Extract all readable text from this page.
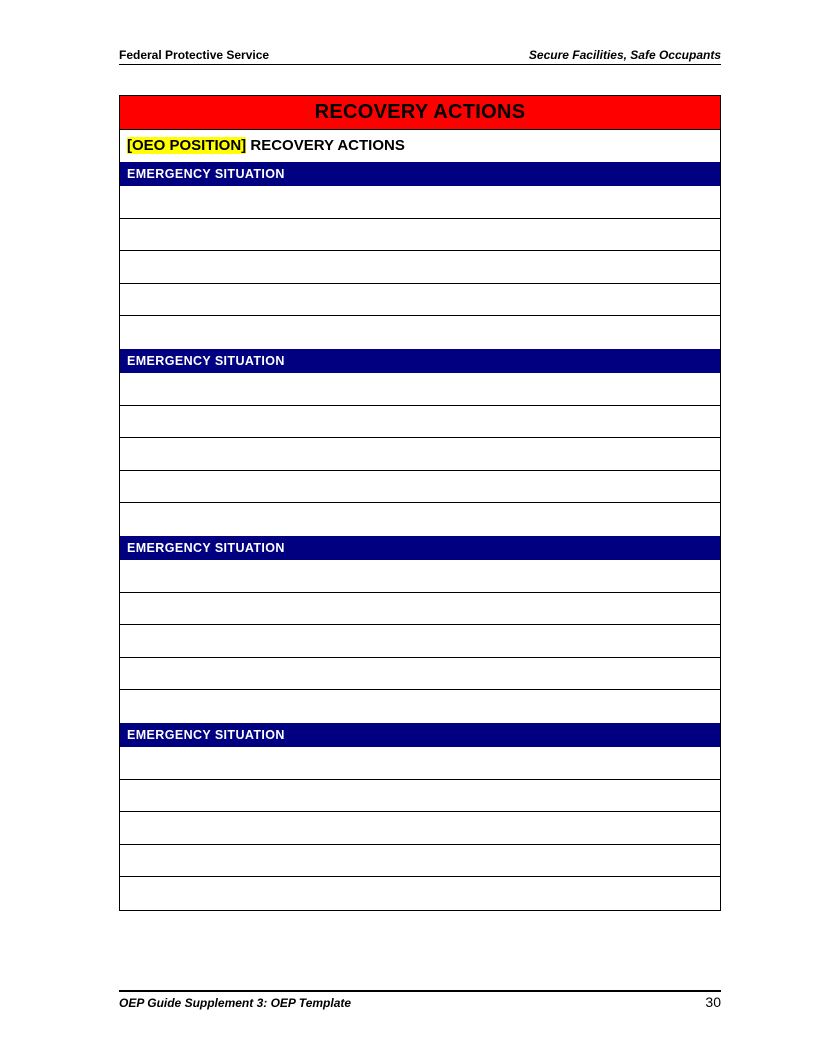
Federal Protective Service	Secure Facilities, Safe Occupants
RECOVERY ACTIONS
[OEO POSITION] RECOVERY ACTIONS
EMERGENCY SITUATION
EMERGENCY SITUATION
EMERGENCY SITUATION
EMERGENCY SITUATION
OEP Guide Supplement 3: OEP Template	30
